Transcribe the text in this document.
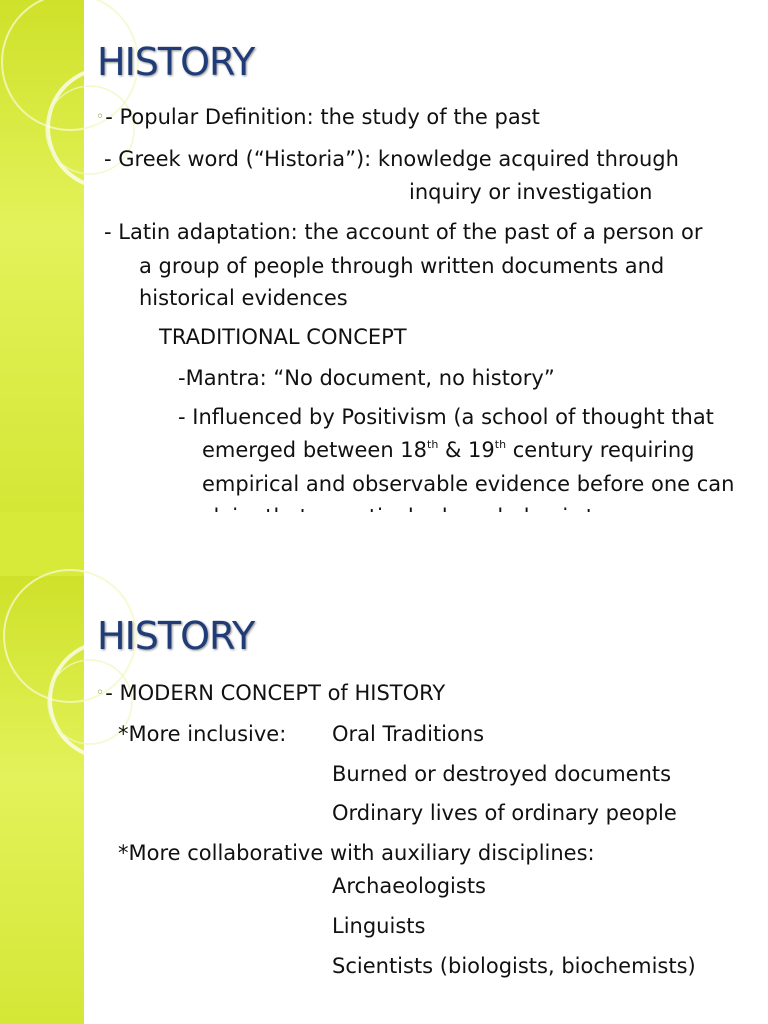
HISTORY

◦- Popular Definition: the study of the past

- Greek word (“Historia”): knowledge acquired through

inquiry or investigation

- Latin adaptation: the account of the past of a person or

a group of people through written documents and

historical evidences

TRADITIONAL CONCEPT

-Mantra: “No document, no history”

- Influenced by Positivism (a school of thought that

emerged between 18th & 19th century requiring

empirical and observable evidence before one can

HISTORY

◦- MODERN CONCEPT of HISTORY

*More inclusive: Oral Traditions

Burned or destroyed documents

Ordinary lives of ordinary people

*More collaborative with auxiliary disciplines:

Archaeologists

Linguists

Scientists (biologists, biochemists)
